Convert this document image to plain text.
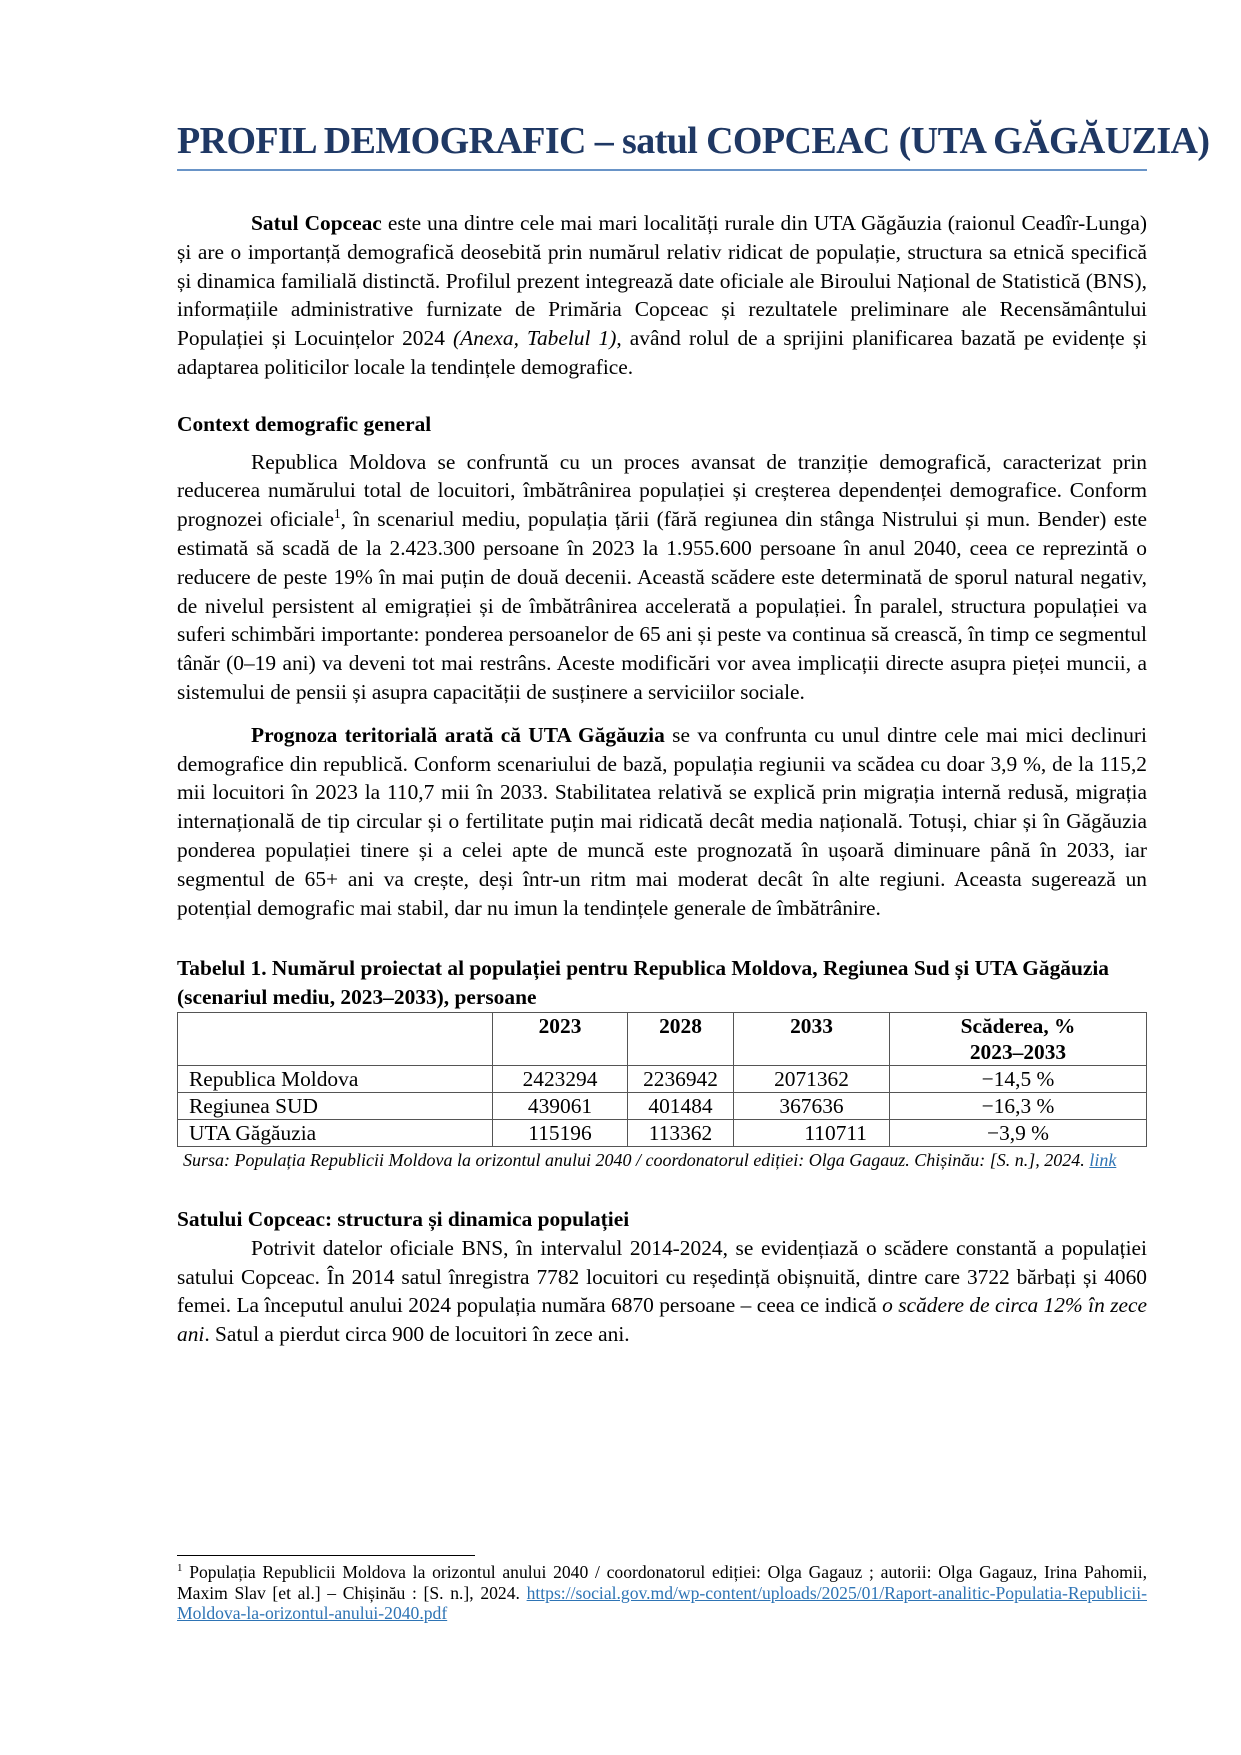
PROFIL DEMOGRAFIC – satul COPCEAC (UTA GĂGĂUZIA)

Satul Copceac este una dintre cele mai mari localități rurale din UTA Găgăuzia (raionul Ceadîr-Lunga) și are o importanță demografică deosebită prin numărul relativ ridicat de populație, structura sa etnică specifică și dinamica familială distinctă. Profilul prezent integrează date oficiale ale Biroului Național de Statistică (BNS), informațiile administrative furnizate de Primăria Copceac și rezultatele preliminare ale Recensământului Populației și Locuințelor 2024 (Anexa, Tabelul 1), având rolul de a sprijini planificarea bazată pe evidențe și adaptarea politicilor locale la tendințele demografice.

Context demografic general

Republica Moldova se confruntă cu un proces avansat de tranziție demografică, caracterizat prin reducerea numărului total de locuitori, îmbătrânirea populației și creșterea dependenței demografice. Conform prognozei oficiale$^1$, în scenariul mediu, populația țării (fără regiunea din stânga Nistrului și mun. Bender) este estimată să scadă de la 2.423.300 persoane în 2023 la 1.955.600 persoane în anul 2040, ceea ce reprezintă o reducere de peste 19% în mai puțin de două decenii. Această scădere este determinată de sporul natural negativ, de nivelul persistent al emigrației și de îmbătrânirea accelerată a populației. În paralel, structura populației va suferi schimbări importante: ponderea persoanelor de 65 ani și peste va continua să crească, în timp ce segmentul tânăr (0–19 ani) va deveni tot mai restrâns. Aceste modificări vor avea implicații directe asupra pieței muncii, a sistemului de pensii și asupra capacității de susținere a serviciilor sociale.

Prognoza teritorială arată că UTA Găgăuzia se va confrunta cu unul dintre cele mai mici declinuri demografice din republică. Conform scenariului de bază, populația regiunii va scădea cu doar 3,9 %, de la 115,2 mii locuitori în 2023 la 110,7 mii în 2033. Stabilitatea relativă se explică prin migrația internă redusă, migrația internațională de tip circular și o fertilitate puțin mai ridicată decât media națională. Totuși, chiar și în Găgăuzia ponderea populației tinere și a celei apte de muncă este prognozată în ușoară diminuare până în 2033, iar segmentul de 65+ ani va crește, deși într-un ritm mai moderat decât în alte regiuni. Aceasta sugerează un potențial demografic mai stabil, dar nu imun la tendințele generale de îmbătrânire.

Tabelul 1. Numărul proiectat al populației pentru Republica Moldova, Regiunea Sud și UTA Găgăuzia (scenariul mediu, 2023–2033), persoane

	2023	2028	2033	Scăderea, %
2023–2033
Republica Moldova	2423294	2236942	2071362	−14,5 %
Regiunea SUD	439061	401484	367636	−16,3 %
UTA Găgăuzia	115196	113362	110711	−3,9 %

Sursa: Populația Republicii Moldova la orizontul anului 2040 / coordonatorul ediției: Olga Gagauz. Chișinău: [S. n.], 2024. link

Satului Copceac: structura și dinamica populației

Potrivit datelor oficiale BNS, în intervalul 2014-2024, se evidențiază o scădere constantă a populației satului Copceac. În 2014 satul înregistra 7782 locuitori cu reședință obișnuită, dintre care 3722 bărbați și 4060 femei. La începutul anului 2024 populația număra 6870 persoane – ceea ce indică o scădere de circa 12% în zece ani. Satul a pierdut circa 900 de locuitori în zece ani.

$^1$ Populația Republicii Moldova la orizontul anului 2040 / coordonatorul ediției: Olga Gagauz ; autorii: Olga Gagauz, Irina Pahomii, Maxim Slav [et al.] – Chișinău : [S. n.], 2024. https://social.gov.md/wp-content/uploads/2025/01/Raport-analitic-Populatia-Republicii-Moldova-la-orizontul-anului-2040.pdf
